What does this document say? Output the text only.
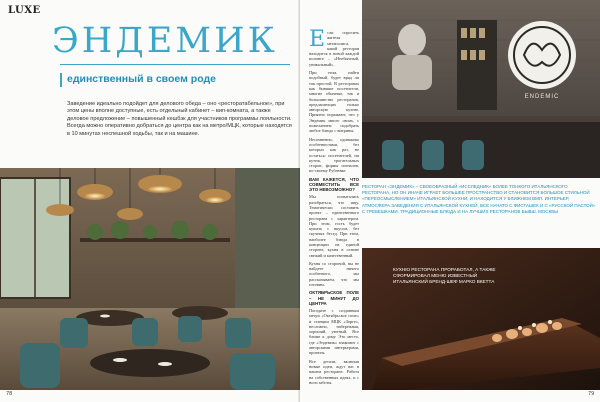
LUXE
ЭНДЕМИК
единственный в своем роде
Заведение идеально подойдет для делового обеда – оно «ресторатабельное», при этом цены вполне доступные, есть отдельный кабинет – вип-комната, а также деловое предложение – повышенный кешбэк для участников программы лояльности. Всегда можно оперативно добраться до центра как на метро/МЦК, которые находятся в 10 минутах неспешной ходьбы, так и на машине.
78

Если спросить жителя мегаполиса, какой ресторан находится в новой каждой полинге – «Необычный, уникальный».

При этом, найти подобный, будет вряд ли так простой. В ресторанах как бывшие посетители, многие обычные, так и большинство ресторанов, предлагающих только авторскую кухню. Приятно поражают, что у Эндемик много своих, с пожеланием подобрать любое блюдо с витрины.

Несомненно, одинаково особенностями, без которых как раз, не остаться: посетителей, ни кутеж, трогательных сторон, формы сигналов, по-своему Рублевке.

ВАМ КАЖЕТСЯ, ЧТО СОВМЕСТИТЬ ВСЕ ЭТО НЕВОЗМОЖНО?

Мы попытались разобраться, что ищу. Тематически составить проект – единственного ресторана с характером. При этом, гость будет кушать с вкусом, без скучных бесед. При этом, наиболее блюда в концепции на единой стороне, кухня в основе свежий и качественный.

Кухня со стороной, вы не найдете ничего особенного, мы рассказываем, что мы готовим.

ОКТЯБРЬСКОЕ ПОЛЕ – НЕ МИНУТ ДО ЦЕНТРА

Погодите с созданным метро «Октябрьское поле» и станции МЦК «Зорге», несложно, набережная, хороший, уютный. Все ближе к дому. Это место, где «Эндемик» знакомит с авторскими интерьерами, проекты.

Все детали, включая новые идеи, ждут вас в нашем ресторане. Работа на собственных идеях, и с ноги заботы.

ENDEMIC
РЕСТОРАН «ЭНДЕМИК» – СВОЕОБРАЗНЫЙ «ИССЛЕДНИК» БОЛЕЕ ТОНКОГО ИТАЛЬЯНСКОГО РЕСТОРАНА, НО ОН ИНАЧЕ ИГРАЕТ БОЛЬШЕЕ ПРОСТРАНСТВО И СТАНОВИТСЯ БОЛЬШОЕ СТИЛЬНОЙ «ПЕРЕОСМЫСЛЕНИЕМ» ИТАЛЬЯНСКОЙ КУХНИ, И НАХОДИТСЯ У БЛИЖНЕМ ВМП. ИНТЕРЬЕР, АТМОСФЕРА ЗАВЕДЕНИЯ С ИТАЛЬЯНСКОЙ КУХНЕЙ, ВСЕ НАЧАТО С ФИСТАШЕК И С «РУССКОЙ ПАСТОЙ» С ГРЕБЕШКАМИ. ТРАДИЦИОННЫЕ БЛЮДА И НА ЛУЧШИХ РЕСТОРАНОВ БЫВШ. МОСКВЫ
КУХНЮ РЕСТОРАНА ПРОРАБОТАЛ, А ТАКЖЕ СФОРМИРОВАЛ МЕНЮ ИЗВЕСТНЫЙ ИТАЛЬЯНСКИЙ БРЕНД-ШЕФ МАРКО ВКЕТТА
79
